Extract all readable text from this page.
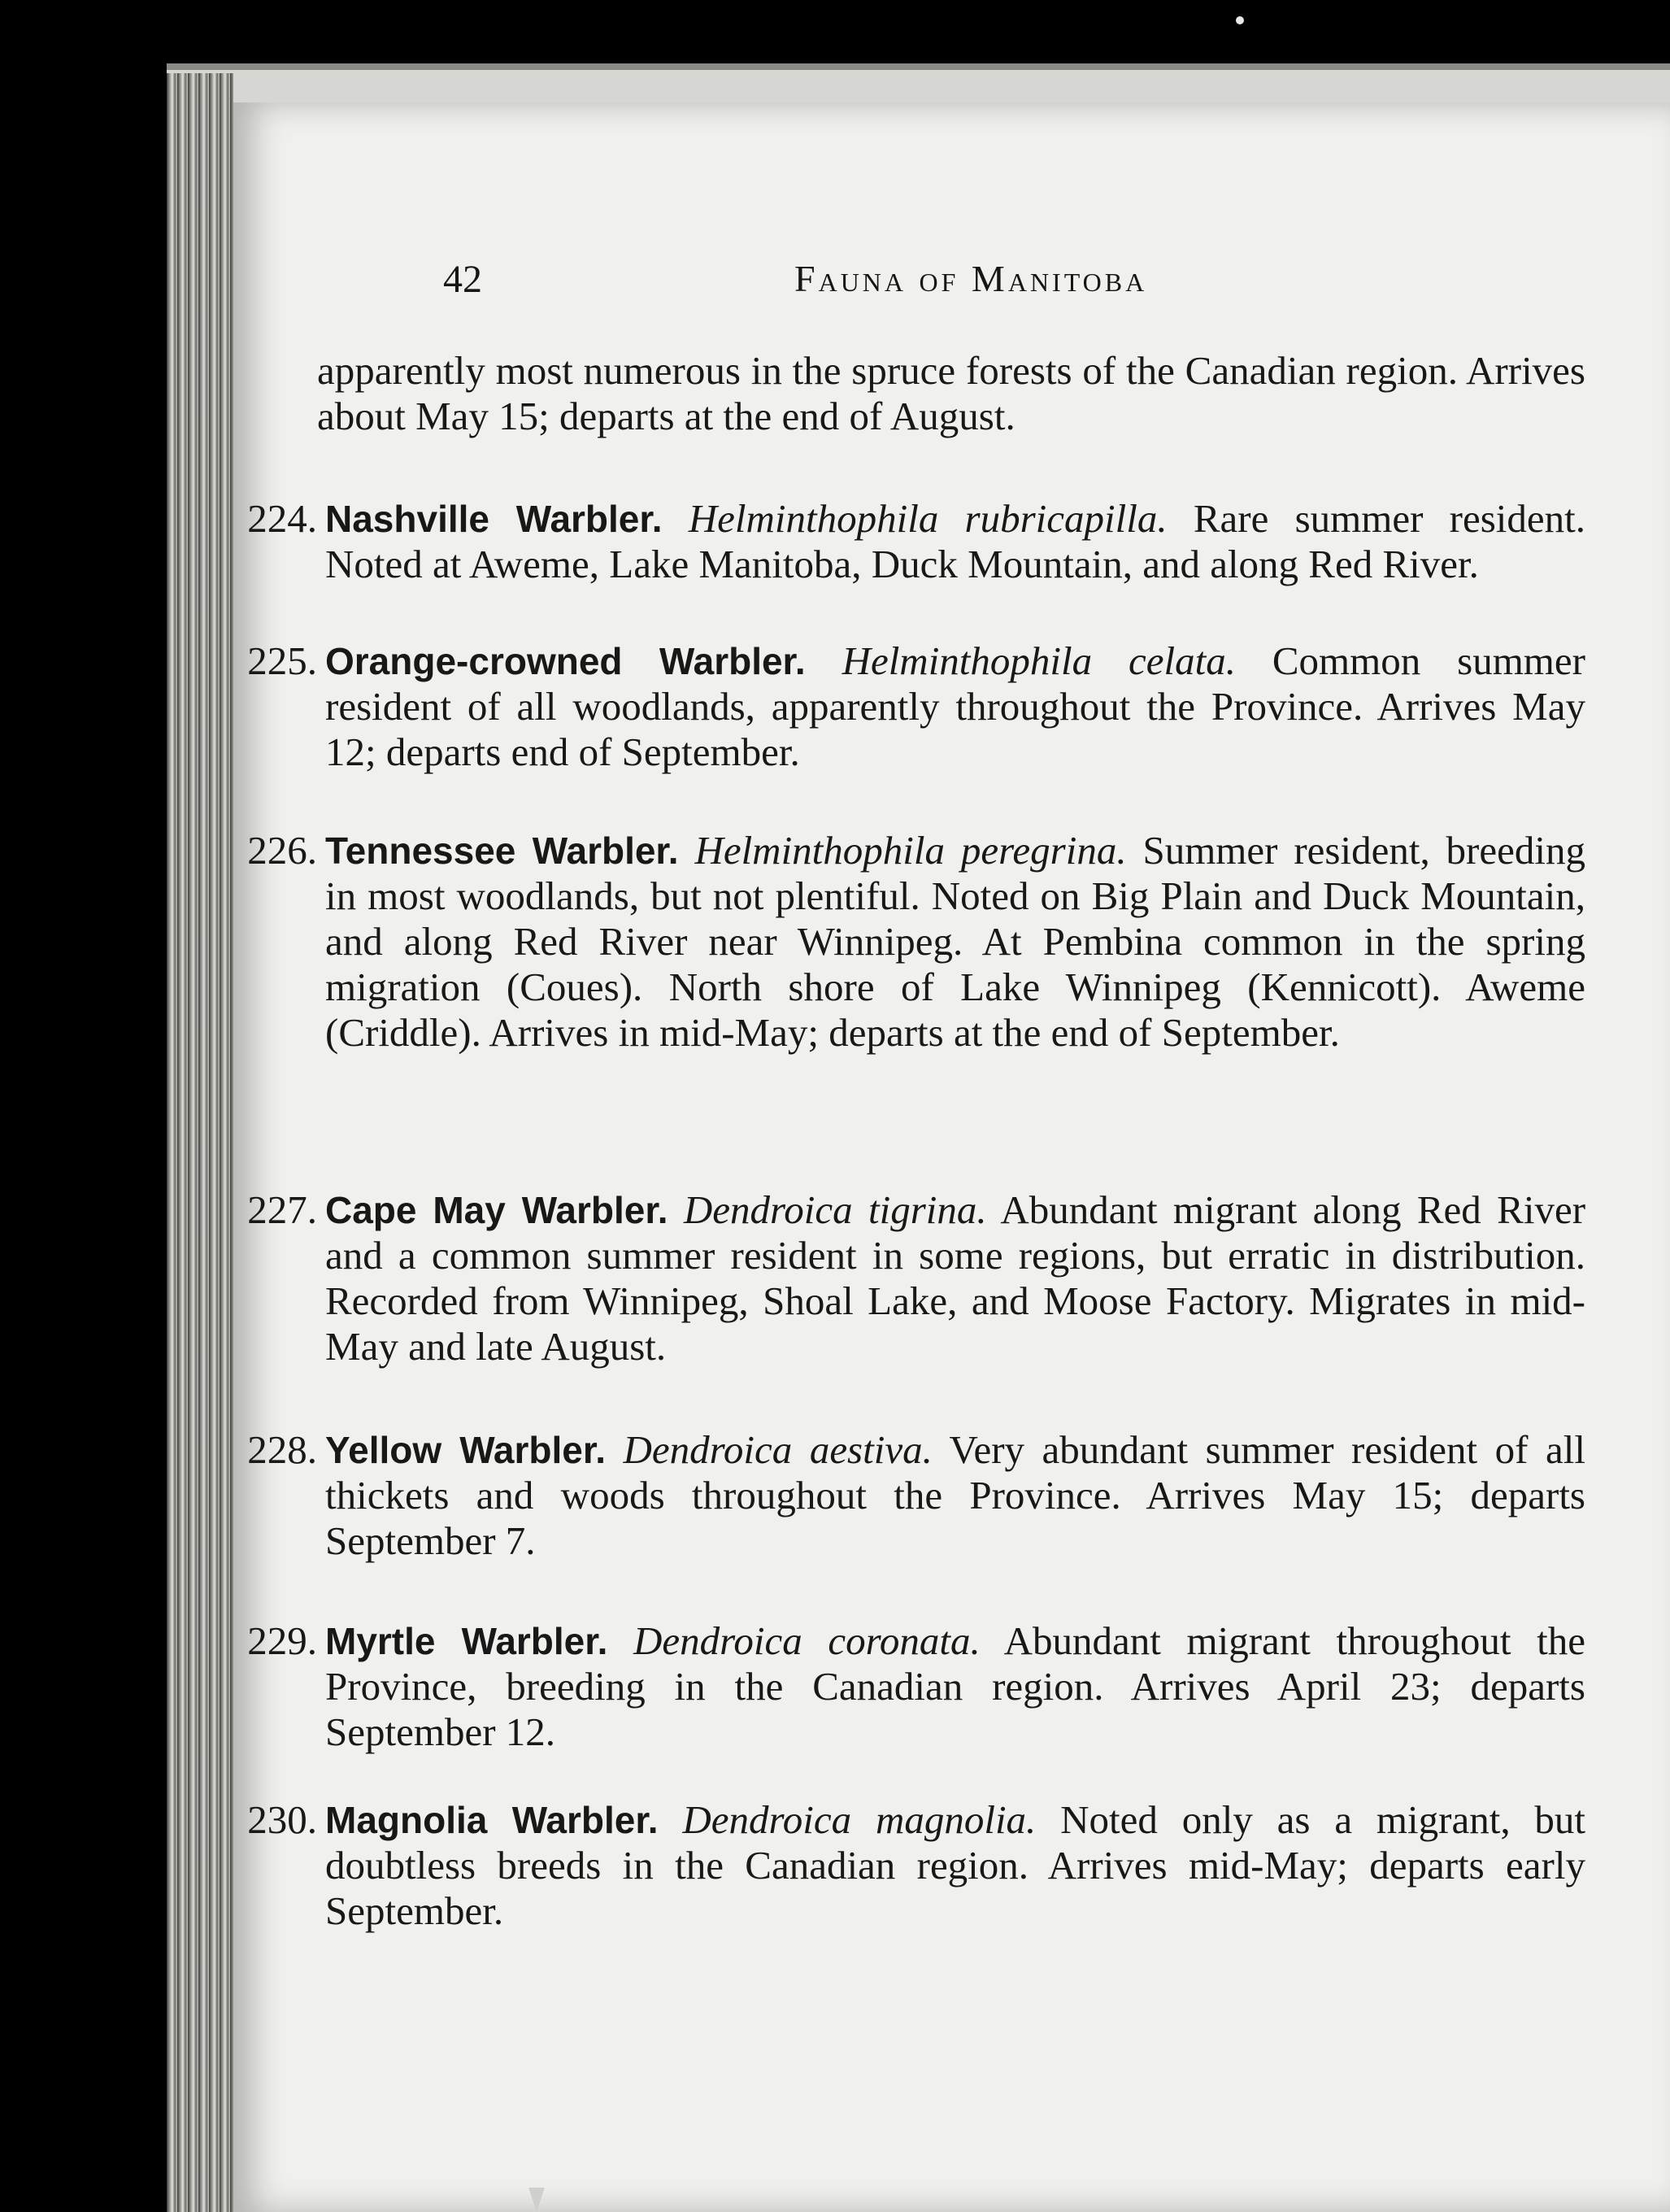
42	Fauna of Manitoba
apparently most numerous in the spruce forests of the Canadian region. Arrives about May 15; departs at the end of August.
224. Nashville Warbler. Helminthophila rubricapilla. Rare summer resident. Noted at Aweme, Lake Manitoba, Duck Mountain, and along Red River.
225. Orange-crowned Warbler. Helminthophila celata. Common summer resident of all woodlands, apparently throughout the Province. Arrives May 12; departs end of September.
226. Tennessee Warbler. Helminthophila peregrina. Summer resident, breeding in most woodlands, but not plentiful. Noted on Big Plain and Duck Mountain, and along Red River near Winnipeg. At Pembina common in the spring migration (Coues). North shore of Lake Winnipeg (Kennicott). Aweme (Criddle). Arrives in mid-May; departs at the end of September.
227. Cape May Warbler. Dendroica tigrina. Abundant migrant along Red River and a common summer resident in some regions, but erratic in distribution. Recorded from Winnipeg, Shoal Lake, and Moose Factory. Migrates in mid-May and late August.
228. Yellow Warbler. Dendroica aestiva. Very abundant summer resident of all thickets and woods throughout the Province. Arrives May 15; departs September 7.
229. Myrtle Warbler. Dendroica coronata. Abundant migrant throughout the Province, breeding in the Canadian region. Arrives April 23; departs September 12.
230. Magnolia Warbler. Dendroica magnolia. Noted only as a migrant, but doubtless breeds in the Canadian region. Arrives mid-May; departs early September.
